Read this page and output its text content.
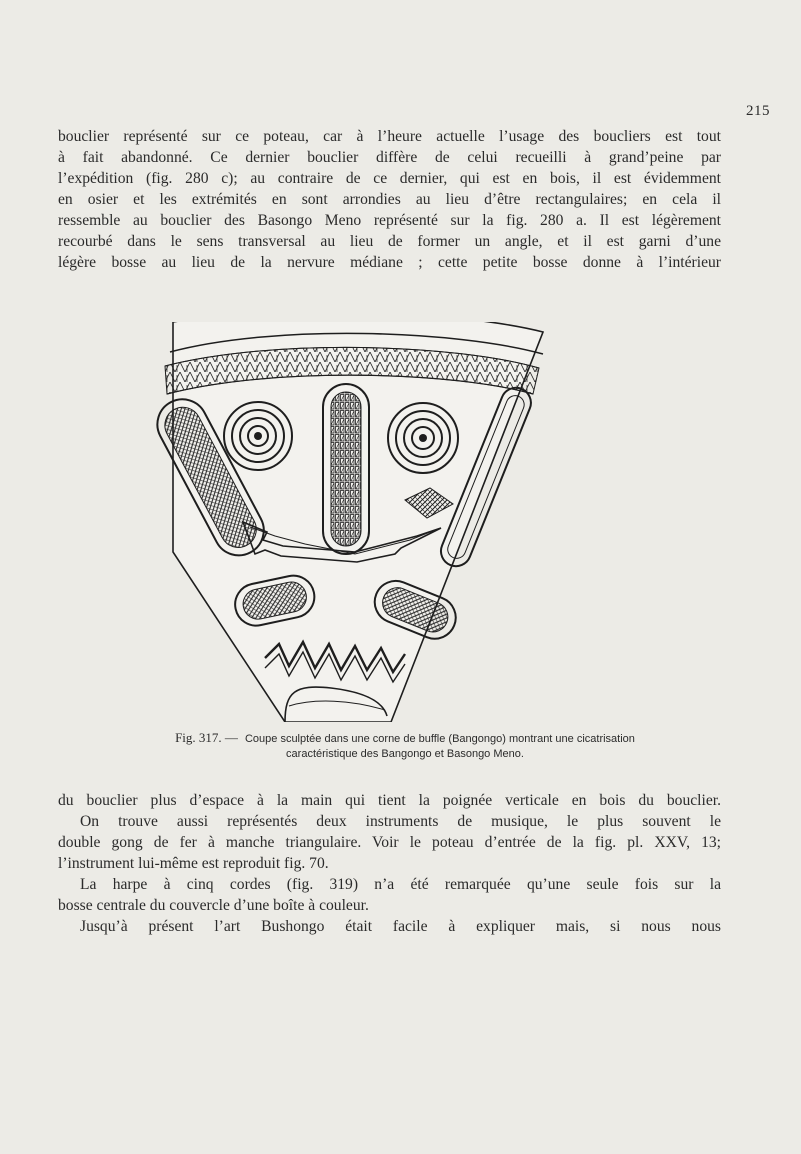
215

bouclier représenté sur ce poteau, car à l’heure actuelle l’usage des boucliers est tout

à fait abandonné. Ce dernier bouclier diffère de celui recueilli à grand’peine par

l’expédition (fig. 280 c); au contraire de ce dernier, qui est en bois, il est évidemment

en osier et les extrémités en sont arrondies au lieu d’être rectangulaires; en cela il

ressemble au bouclier des Basongo Meno représenté sur la fig. 280 a. Il est légèrement

recourbé dans le sens transversal au lieu de former un angle, et il est garni d’une

légère bosse au lieu de la nervure médiane ; cette petite bosse donne à l’intérieur

Fig. 317. — Coupe sculptée dans une corne de buffle (Bangongo) montrant une cicatrisation
caractéristique des Bangongo et Basongo Meno.

du bouclier plus d’espace à la main qui tient la poignée verticale en bois du bouclier.

On trouve aussi représentés deux instruments de musique, le plus souvent le

double gong de fer à manche triangulaire. Voir le poteau d’entrée de la fig. pl. XXV, 13;

l’instrument lui-même est reproduit fig. 70.

La harpe à cinq cordes (fig. 319) n’a été remarquée qu’une seule fois sur la

bosse centrale du couvercle d’une boîte à couleur.

Jusqu’à présent l’art Bushongo était facile à expliquer mais, si nous nous
